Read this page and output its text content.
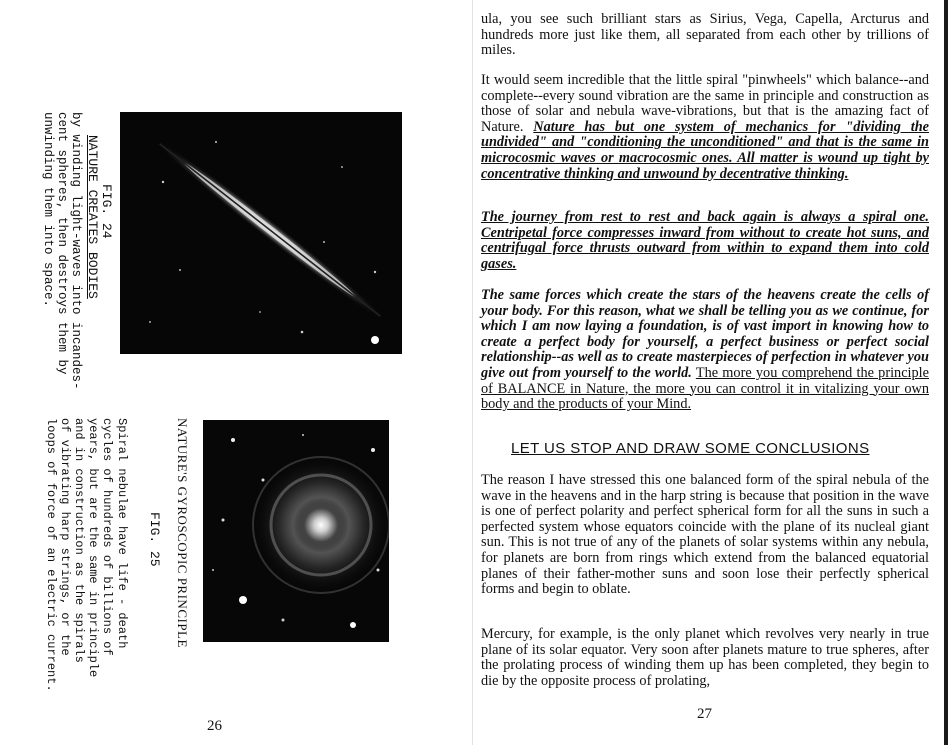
FIG. 24
NATURE CREATES BODIES
by winding light-waves into incandes-
cent spheres, then destroys them by
unwinding them into space.
FIG. 25 NATURE'S GYROSCOPIC PRINCIPLE
Spiral nebulae have life - death
cycles of hundreds of billions of
years, but are the same in principle
and in construction as the spirals
of vibrating harp strings, or the
loops of force of an electric current.
26

ula, you see such brilliant stars as Sirius, Vega, Capella, Arcturus and hundreds more just like them, all separated from each other by trillions of miles.

It would seem incredible that the little spiral "pinwheels" which balance--and complete--every sound vibration are the same in principle and construction as those of solar and nebula wave-vibrations, but that is the amazing fact of Nature. Nature has but one system of mechanics for "dividing the undivided" and "conditioning the unconditioned" and that is the same in microcosmic waves or macrocosmic ones. All matter is wound up tight by concentrative thinking and unwound by decentrative thinking.

The journey from rest to rest and back again is always a spiral one. Centripetal force compresses inward from without to create hot suns, and centrifugal force thrusts outward from within to expand them into cold gases.

The same forces which create the stars of the heavens create the cells of your body. For this reason, what we shall be telling you as we continue, for which I am now laying a foundation, is of vast import in knowing how to create a perfect body for yourself, a perfect business or perfect social relationship--as well as to create masterpieces of perfection in whatever you give out from yourself to the world. The more you comprehend the principle of BALANCE in Nature, the more you can control it in vitalizing your own body and the products of your Mind.

LET US STOP AND DRAW SOME CONCLUSIONS

The reason I have stressed this one balanced form of the spiral nebula of the wave in the heavens and in the harp string is because that position in the wave is one of perfect polarity and perfect spherical form for all the suns in such a perfected system whose equators coincide with the plane of its nucleal giant sun. This is not true of any of the planets of solar systems within any nebula, for planets are born from rings which extend from the balanced equatorial planes of their father-mother suns and soon lose their perfectly spherical forms and begin to oblate.

Mercury, for example, is the only planet which revolves very nearly in true plane of its solar equator. Very soon after planets mature to true spheres, after the prolating process of winding them up has been completed, they begin to die by the opposite process of prolating,

27
